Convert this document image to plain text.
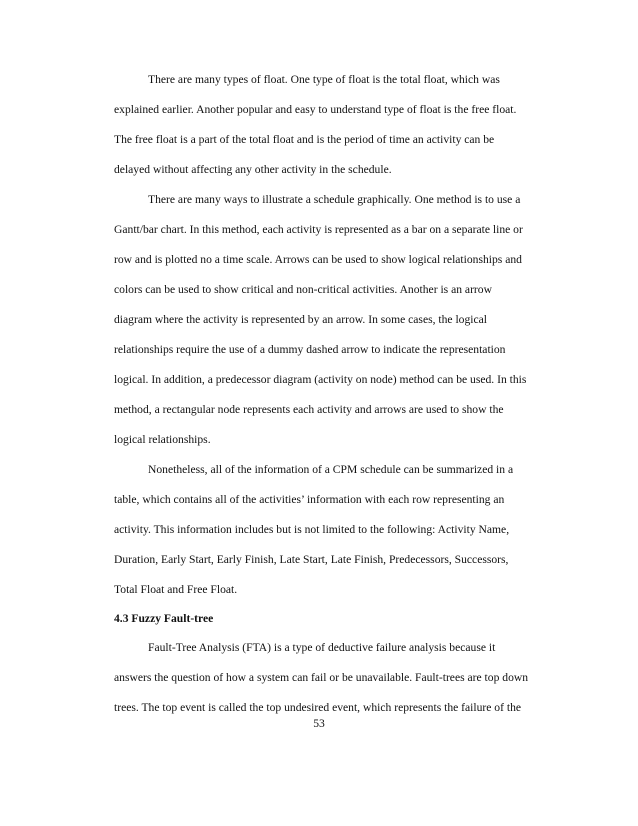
There are many types of float. One type of float is the total float, which was
explained earlier. Another popular and easy to understand type of float is the free float.
The free float is a part of the total float and is the period of time an activity can be
delayed without affecting any other activity in the schedule.
There are many ways to illustrate a schedule graphically. One method is to use a
Gantt/bar chart. In this method, each activity is represented as a bar on a separate line or
row and is plotted no a time scale. Arrows can be used to show logical relationships and
colors can be used to show critical and non-critical activities. Another is an arrow
diagram where the activity is represented by an arrow. In some cases, the logical
relationships require the use of a dummy dashed arrow to indicate the representation
logical. In addition, a predecessor diagram (activity on node) method can be used. In this
method, a rectangular node represents each activity and arrows are used to show the
logical relationships.
Nonetheless, all of the information of a CPM schedule can be summarized in a
table, which contains all of the activities’ information with each row representing an
activity. This information includes but is not limited to the following: Activity Name,
Duration, Early Start, Early Finish, Late Start, Late Finish, Predecessors, Successors,
Total Float and Free Float.
4.3 Fuzzy Fault-tree
Fault-Tree Analysis (FTA) is a type of deductive failure analysis because it
answers the question of how a system can fail or be unavailable. Fault-trees are top down
trees. The top event is called the top undesired event, which represents the failure of the
53
